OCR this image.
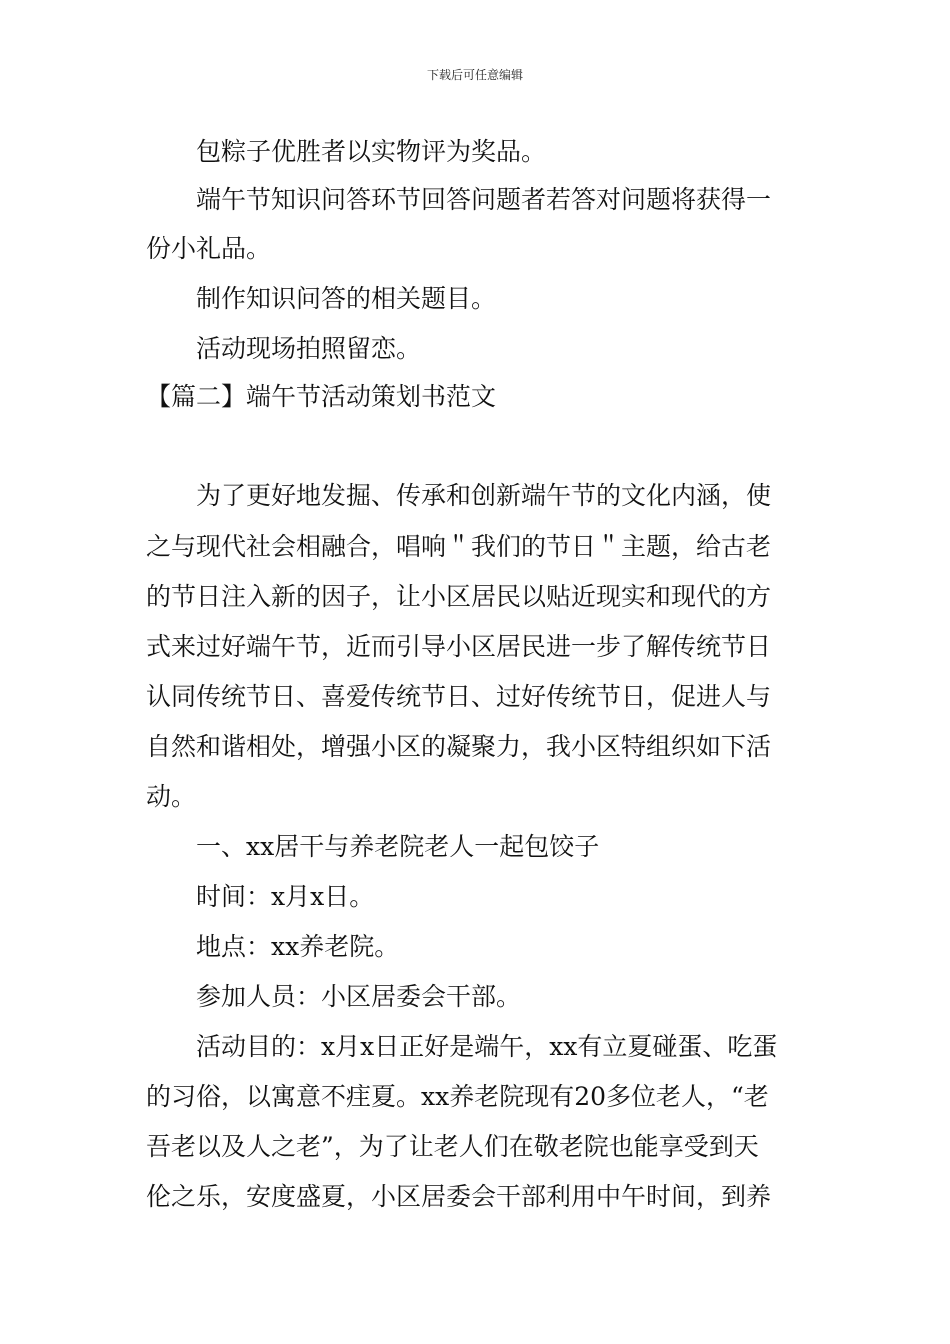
下载后可任意编辑
包粽子优胜者以实物评为奖品。
端午节知识问答环节回答问题者若答对问题将获得一
份小礼品。
制作知识问答的相关题目。
活动现场拍照留恋。
【篇二】端午节活动策划书范文
为了更好地发掘、传承和创新端午节的文化内涵，使
之与现代社会相融合，唱响＂我们的节日＂主题，给古老
的节日注入新的因子，让小区居民以贴近现实和现代的方
式来过好端午节，近而引导小区居民进一步了解传统节日
认同传统节日、喜爱传统节日、过好传统节日，促进人与
自然和谐相处，增强小区的凝聚力，我小区特组织如下活
动。
一、xx居干与养老院老人一起包饺子
时间：x月x日。
地点：xx养老院。
参加人员：小区居委会干部。
活动目的：x月x日正好是端午，xx有立夏碰蛋、吃蛋
的习俗，以寓意不疰夏。xx养老院现有20多位老人，“老
吾老以及人之老”，为了让老人们在敬老院也能享受到天
伦之乐，安度盛夏，小区居委会干部利用中午时间，到养
